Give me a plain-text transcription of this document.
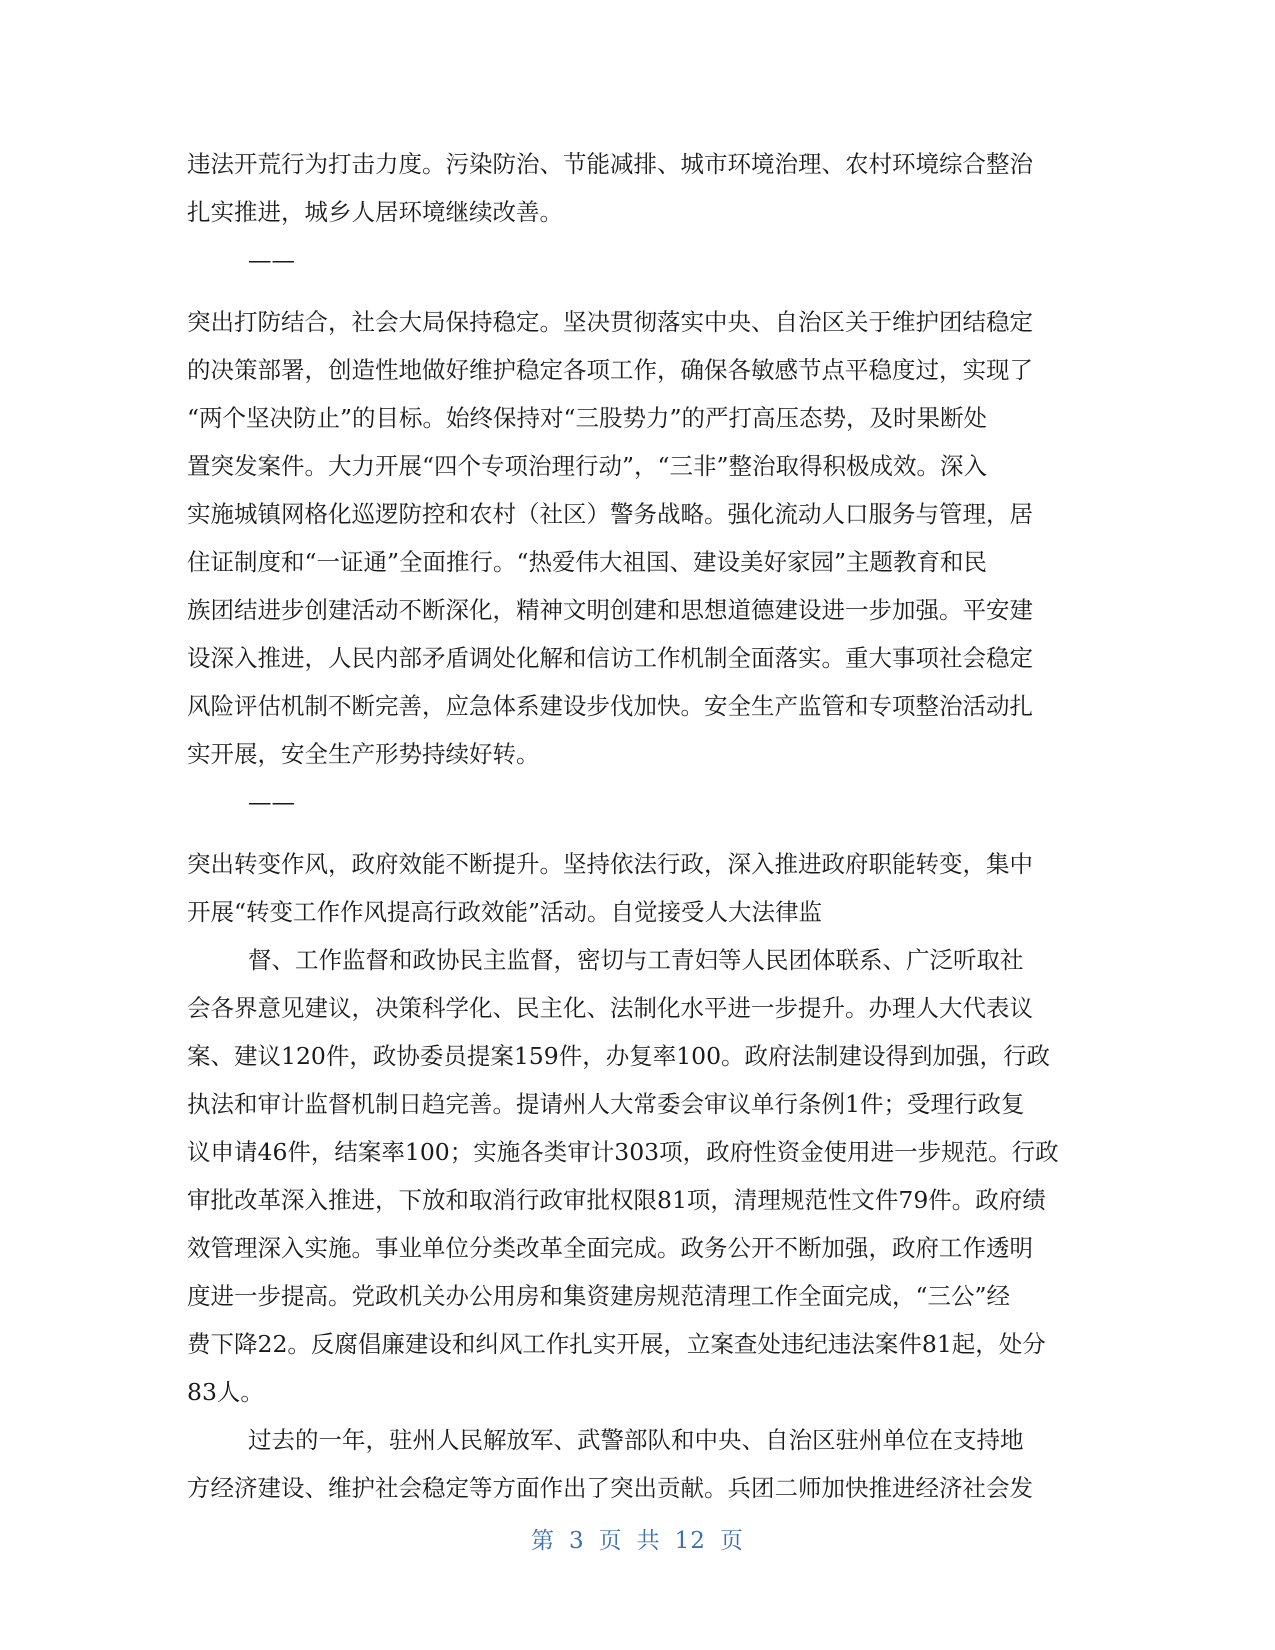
违法开荒行为打击力度。污染防治、节能减排、城市环境治理、农村环境综合整治
扎实推进，城乡人居环境继续改善。
——
突出打防结合，社会大局保持稳定。坚决贯彻落实中央、自治区关于维护团结稳定
的决策部署，创造性地做好维护稳定各项工作，确保各敏感节点平稳度过，实现了
“两个坚决防止”的目标。始终保持对“三股势力”的严打高压态势，及时果断处
置突发案件。大力开展“四个专项治理行动”，“三非”整治取得积极成效。深入
实施城镇网格化巡逻防控和农村（社区）警务战略。强化流动人口服务与管理，居
住证制度和“一证通”全面推行。“热爱伟大祖国、建设美好家园”主题教育和民
族团结进步创建活动不断深化，精神文明创建和思想道德建设进一步加强。平安建
设深入推进，人民内部矛盾调处化解和信访工作机制全面落实。重大事项社会稳定
风险评估机制不断完善，应急体系建设步伐加快。安全生产监管和专项整治活动扎
实开展，安全生产形势持续好转。
——
突出转变作风，政府效能不断提升。坚持依法行政，深入推进政府职能转变，集中
开展“转变工作作风提高行政效能”活动。自觉接受人大法律监
督、工作监督和政协民主监督，密切与工青妇等人民团体联系、广泛听取社
会各界意见建议，决策科学化、民主化、法制化水平进一步提升。办理人大代表议
案、建议120件，政协委员提案159件，办复率100。政府法制建设得到加强，行政
执法和审计监督机制日趋完善。提请州人大常委会审议单行条例1件；受理行政复
议申请46件，结案率100；实施各类审计303项，政府性资金使用进一步规范。行政
审批改革深入推进，下放和取消行政审批权限81项，清理规范性文件79件。政府绩
效管理深入实施。事业单位分类改革全面完成。政务公开不断加强，政府工作透明
度进一步提高。党政机关办公用房和集资建房规范清理工作全面完成，“三公”经
费下降22。反腐倡廉建设和纠风工作扎实开展，立案查处违纪违法案件81起，处分
83人。
过去的一年，驻州人民解放军、武警部队和中央、自治区驻州单位在支持地
方经济建设、维护社会稳定等方面作出了突出贡献。兵团二师加快推进经济社会发
第 3 页 共 12 页
